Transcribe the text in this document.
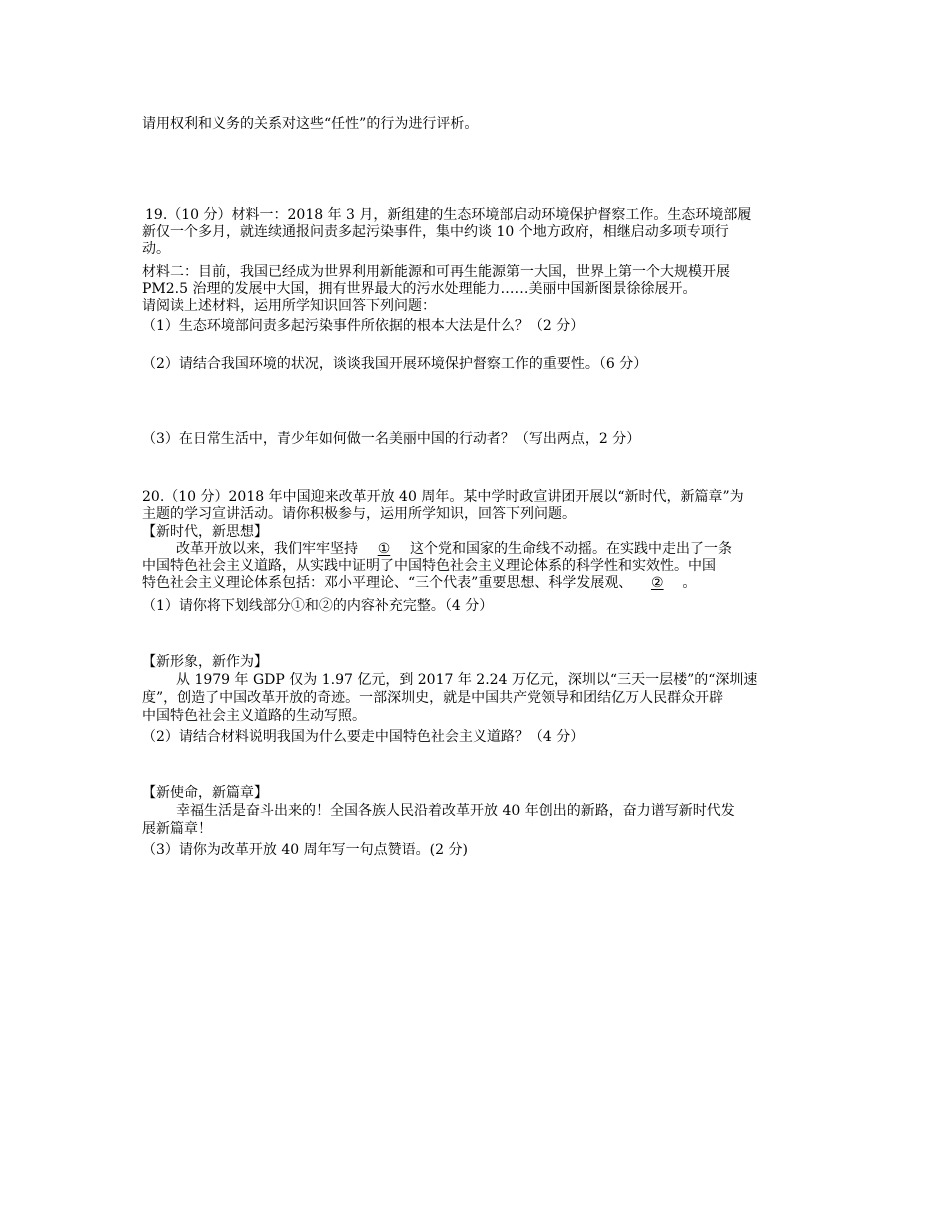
请用权利和义务的关系对这些“任性”的行为进行评析。
19.（10 分）材料一：2018 年 3 月，新组建的生态环境部启动环境保护督察工作。生态环境部履
新仅一个多月，就连续通报问责多起污染事件，集中约谈 10 个地方政府，相继启动多项专项行
动。
材料二：目前，我国已经成为世界利用新能源和可再生能源第一大国，世界上第一个大规模开展
PM2.5 治理的发展中大国，拥有世界最大的污水处理能力……美丽中国新图景徐徐展开。
请阅读上述材料，运用所学知识回答下列问题：
（1）生态环境部问责多起污染事件所依据的根本大法是什么？（2 分）
（2）请结合我国环境的状况，谈谈我国开展环境保护督察工作的重要性。（6 分）
（3）在日常生活中，青少年如何做一名美丽中国的行动者？（写出两点，2 分）
20.（10 分）2018 年中国迎来改革开放 40 周年。某中学时政宣讲团开展以“新时代，新篇章”为
主题的学习宣讲活动。请你积极参与，运用所学知识，回答下列问题。
【新时代，新思想】
改革开放以来，我们牢牢坚持 ① 这个党和国家的生命线不动摇。在实践中走出了一条
中国特色社会主义道路，从实践中证明了中国特色社会主义理论体系的科学性和实效性。中国
特色社会主义理论体系包括：邓小平理论、“三个代表”重要思想、科学发展观、 ② 。
（1）请你将下划线部分①和②的内容补充完整。（4 分）
【新形象，新作为】
从 1979 年 GDP 仅为 1.97 亿元，到 2017 年 2.24 万亿元，深圳以“三天一层楼”的“深圳速
度”，创造了中国改革开放的奇迹。一部深圳史，就是中国共产党领导和团结亿万人民群众开辟
中国特色社会主义道路的生动写照。
（2）请结合材料说明我国为什么要走中国特色社会主义道路？（4 分）
【新使命，新篇章】
幸福生活是奋斗出来的！全国各族人民沿着改革开放 40 年创出的新路，奋力谱写新时代发
展新篇章！
（3）请你为改革开放 40 周年写一句点赞语。(2 分)
